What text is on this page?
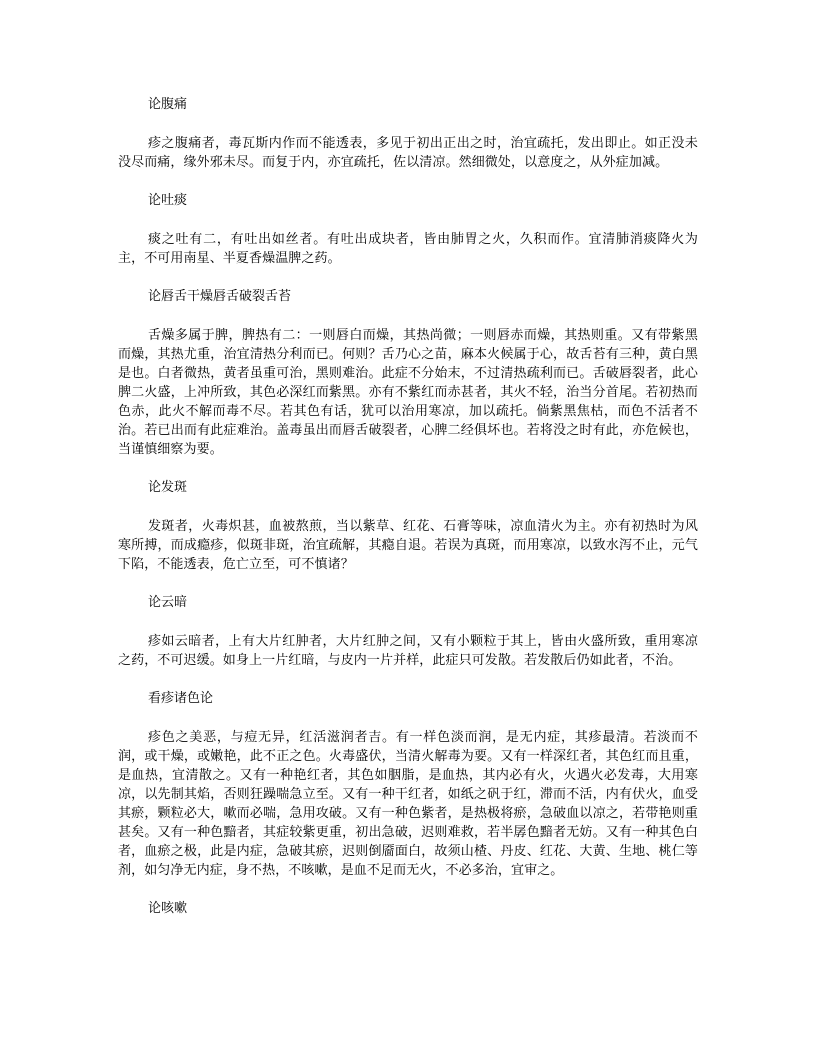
论腹痛

疹之腹痛者，毒瓦斯内作而不能透表，多见于初出正出之时，治宜疏托，发出即止。如正没未没尽而痛，缘外邪未尽。而复于内，亦宜疏托，佐以清凉。然细微处，以意度之，从外症加减。

论吐痰

痰之吐有二，有吐出如丝者。有吐出成块者，皆由肺胃之火，久积而作。宜清肺消痰降火为主，不可用南星、半夏香燥温脾之药。

论唇舌干燥唇舌破裂舌苔

舌燥多属于脾，脾热有二：一则唇白而燥，其热尚微；一则唇赤而燥，其热则重。又有带紫黑而燥，其热尤重，治宜清热分利而已。何则？舌乃心之苗，麻本火候属于心，故舌苔有三种，黄白黑是也。白者微热，黄者虽重可治，黑则难治。此症不分始末，不过清热疏利而已。舌破唇裂者，此心脾二火盛，上冲所致，其色必深红而紫黑。亦有不紫红而赤甚者，其火不轻，治当分首尾。若初热而色赤，此火不解而毒不尽。若其色有话，犹可以治用寒凉，加以疏托。倘紫黑焦枯，而色不活者不治。若已出而有此症难治。盖毒虽出而唇舌破裂者，心脾二经俱坏也。若将没之时有此，亦危候也，当谨慎细察为要。

论发斑

发斑者，火毒炽甚，血被熬煎，当以紫草、红花、石膏等味，凉血清火为主。亦有初热时为风寒所搏，而成瘾疹，似斑非斑，治宜疏解，其瘾自退。若误为真斑，而用寒凉，以致水泻不止，元气下陷，不能透表，危亡立至，可不慎诸？

论云暗

疹如云暗者，上有大片红肿者，大片红肿之间，又有小颗粒于其上，皆由火盛所致，重用寒凉之药，不可迟缓。如身上一片红暗，与皮内一片并样，此症只可发散。若发散后仍如此者，不治。

看疹诸色论

疹色之美恶，与痘无异，红活滋润者吉。有一样色淡而润，是无内症，其疹最清。若淡而不润，或干燥，或嫩艳，此不正之色。火毒盛伏，当清火解毒为要。又有一样深红者，其色红而且重，是血热，宜清散之。又有一种艳红者，其色如胭脂，是血热，其内必有火，火遇火必发毒，大用寒凉，以先制其焰，否则狂躁喘急立至。又有一种干红者，如纸之矾于红，滞而不活，内有伏火，血受其瘀，颗粒必大，嗽而必喘，急用攻破。又有一种色紫者，是热极将瘀，急破血以凉之，若带艳则重甚矣。又有一种色黯者，其症较紫更重，初出急破，迟则难救，若半孱色黯者无妨。又有一种其色白者，血瘀之极，此是内症，急破其瘀，迟则倒靥面白，故须山楂、丹皮、红花、大黄、生地、桃仁等剂，如匀净无内症，身不热，不咳嗽，是血不足而无火，不必多治，宜审之。

论咳嗽
